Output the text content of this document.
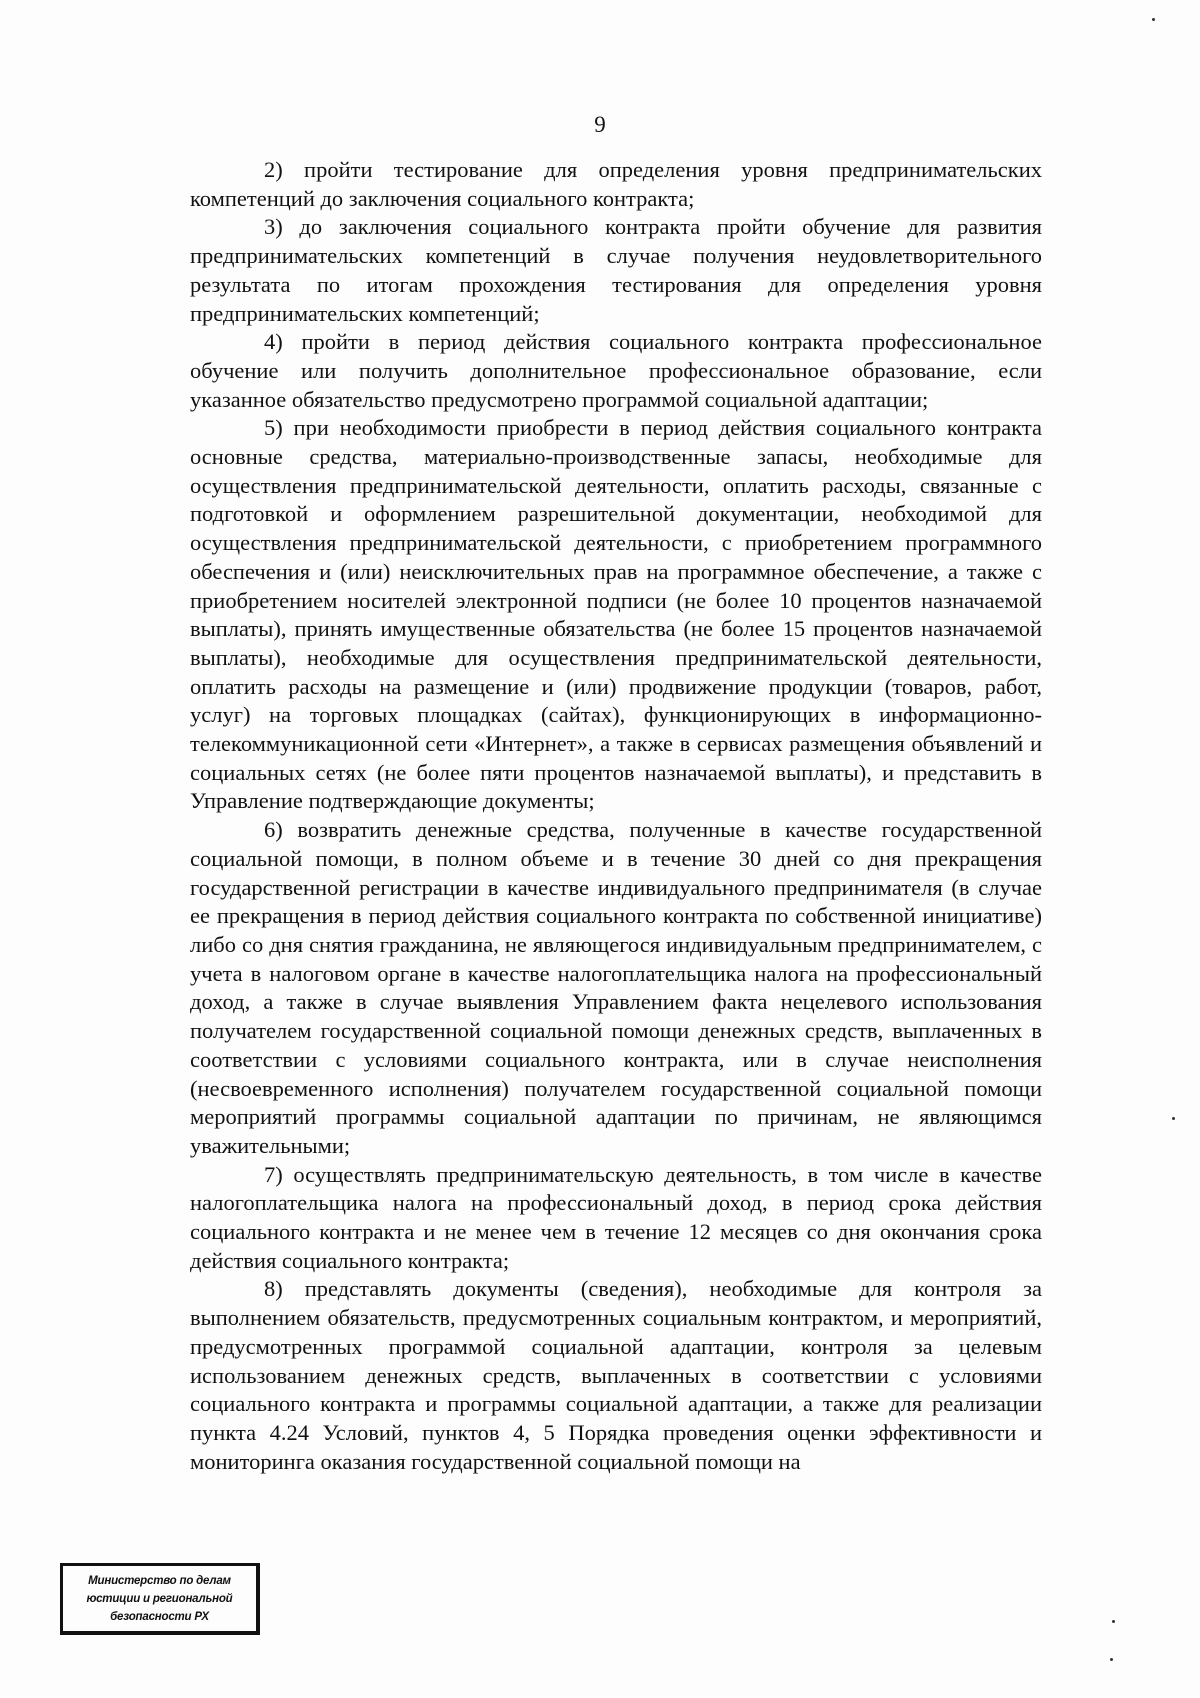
9

2) пройти тестирование для определения уровня предпринимательских компетенций до заключения социального контракта;

3) до заключения социального контракта пройти обучение для развития предпринимательских компетенций в случае получения неудовлетворительного результата по итогам прохождения тестирования для определения уровня предпринимательских компетенций;

4) пройти в период действия социального контракта профессиональное обучение или получить дополнительное профессиональное образование, если указанное обязательство предусмотрено программой социальной адаптации;

5) при необходимости приобрести в период действия социального контракта основные средства, материально-производственные запасы, необходимые для осуществления предпринимательской деятельности, оплатить расходы, связанные с подготовкой и оформлением разрешительной документации, необходимой для осуществления предпринимательской деятельности, с приобретением программного обеспечения и (или) неисключительных прав на программное обеспечение, а также с приобретением носителей электронной подписи (не более 10 процентов назначаемой выплаты), принять имущественные обязательства (не более 15 процентов назначаемой выплаты), необходимые для осуществления предпринимательской деятельности, оплатить расходы на размещение и (или) продвижение продукции (товаров, работ, услуг) на торговых площадках (сайтах), функционирующих в информационно-телекоммуникационной сети «Интернет», а также в сервисах размещения объявлений и социальных сетях (не более пяти процентов назначаемой выплаты), и представить в Управление подтверждающие документы;

6) возвратить денежные средства, полученные в качестве государственной социальной помощи, в полном объеме и в течение 30 дней со дня прекращения государственной регистрации в качестве индивидуального предпринимателя (в случае ее прекращения в период действия социального контракта по собственной инициативе) либо со дня снятия гражданина, не являющегося индивидуальным предпринимателем, с учета в налоговом органе в качестве налогоплательщика налога на профессиональный доход, а также в случае выявления Управлением факта нецелевого использования получателем государственной социальной помощи денежных средств, выплаченных в соответствии с условиями социального контракта, или в случае неисполнения (несвоевременного исполнения) получателем государственной социальной помощи мероприятий программы социальной адаптации по причинам, не являющимся уважительными;

7) осуществлять предпринимательскую деятельность, в том числе в качестве налогоплательщика налога на профессиональный доход, в период срока действия социального контракта и не менее чем в течение 12 месяцев со дня окончания срока действия социального контракта;

8) представлять документы (сведения), необходимые для контроля за выполнением обязательств, предусмотренных социальным контрактом, и мероприятий, предусмотренных программой социальной адаптации, контроля за целевым использованием денежных средств, выплаченных в соответствии с условиями социального контракта и программы социальной адаптации, а также для реализации пункта 4.24 Условий, пунктов 4, 5 Порядка проведения оценки эффективности и мониторинга оказания государственной социальной помощи на

Министерство по делам
юстиции и региональной
безопасности РХ
